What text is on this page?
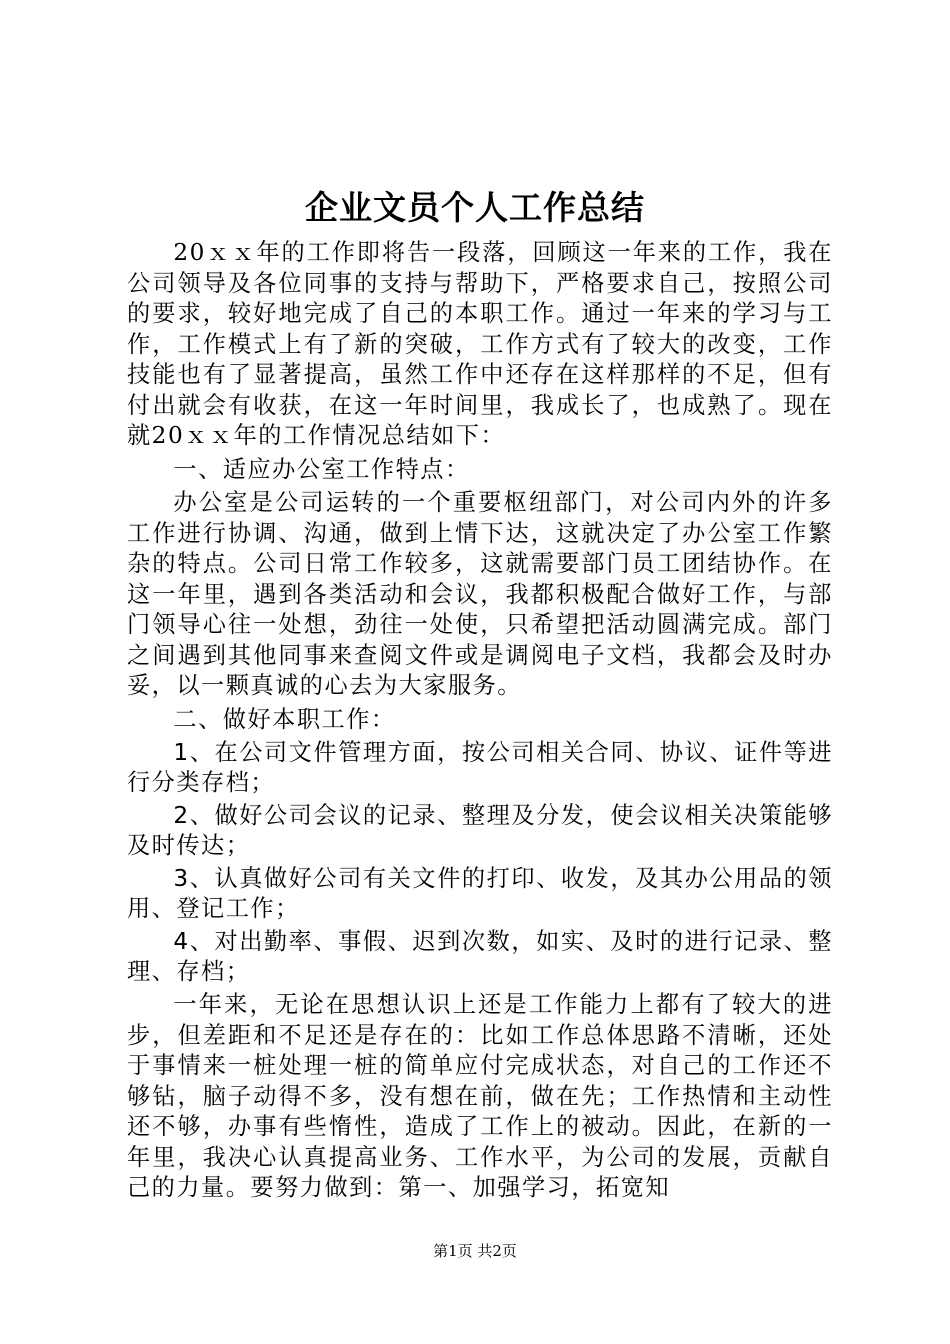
企业文员个人工作总结

20ｘｘ年的工作即将告一段落，回顾这一年来的工作，我在公司领导及各位同事的支持与帮助下，严格要求自己，按照公司的要求，较好地完成了自己的本职工作。通过一年来的学习与工作，工作模式上有了新的突破，工作方式有了较大的改变，工作技能也有了显著提高，虽然工作中还存在这样那样的不足，但有付出就会有收获，在这一年时间里，我成长了，也成熟了。现在就20ｘｘ年的工作情况总结如下：

一、适应办公室工作特点：

办公室是公司运转的一个重要枢纽部门，对公司内外的许多工作进行协调、沟通，做到上情下达，这就决定了办公室工作繁杂的特点。公司日常工作较多，这就需要部门员工团结协作。在这一年里，遇到各类活动和会议，我都积极配合做好工作，与部门领导心往一处想，劲往一处使，只希望把活动圆满完成。部门之间遇到其他同事来查阅文件或是调阅电子文档，我都会及时办妥，以一颗真诚的心去为大家服务。

二、做好本职工作：

1、在公司文件管理方面，按公司相关合同、协议、证件等进行分类存档；

2、做好公司会议的记录、整理及分发，使会议相关决策能够及时传达；

3、认真做好公司有关文件的打印、收发，及其办公用品的领用、登记工作；

4、对出勤率、事假、迟到次数，如实、及时的进行记录、整理、存档；

一年来，无论在思想认识上还是工作能力上都有了较大的进步，但差距和不足还是存在的：比如工作总体思路不清晰，还处于事情来一桩处理一桩的简单应付完成状态，对自己的工作还不够钻，脑子动得不多，没有想在前，做在先；工作热情和主动性还不够，办事有些惰性，造成了工作上的被动。因此，在新的一年里，我决心认真提高业务、工作水平，为公司的发展，贡献自己的力量。要努力做到：第一、加强学习，拓宽知

第1页 共2页
